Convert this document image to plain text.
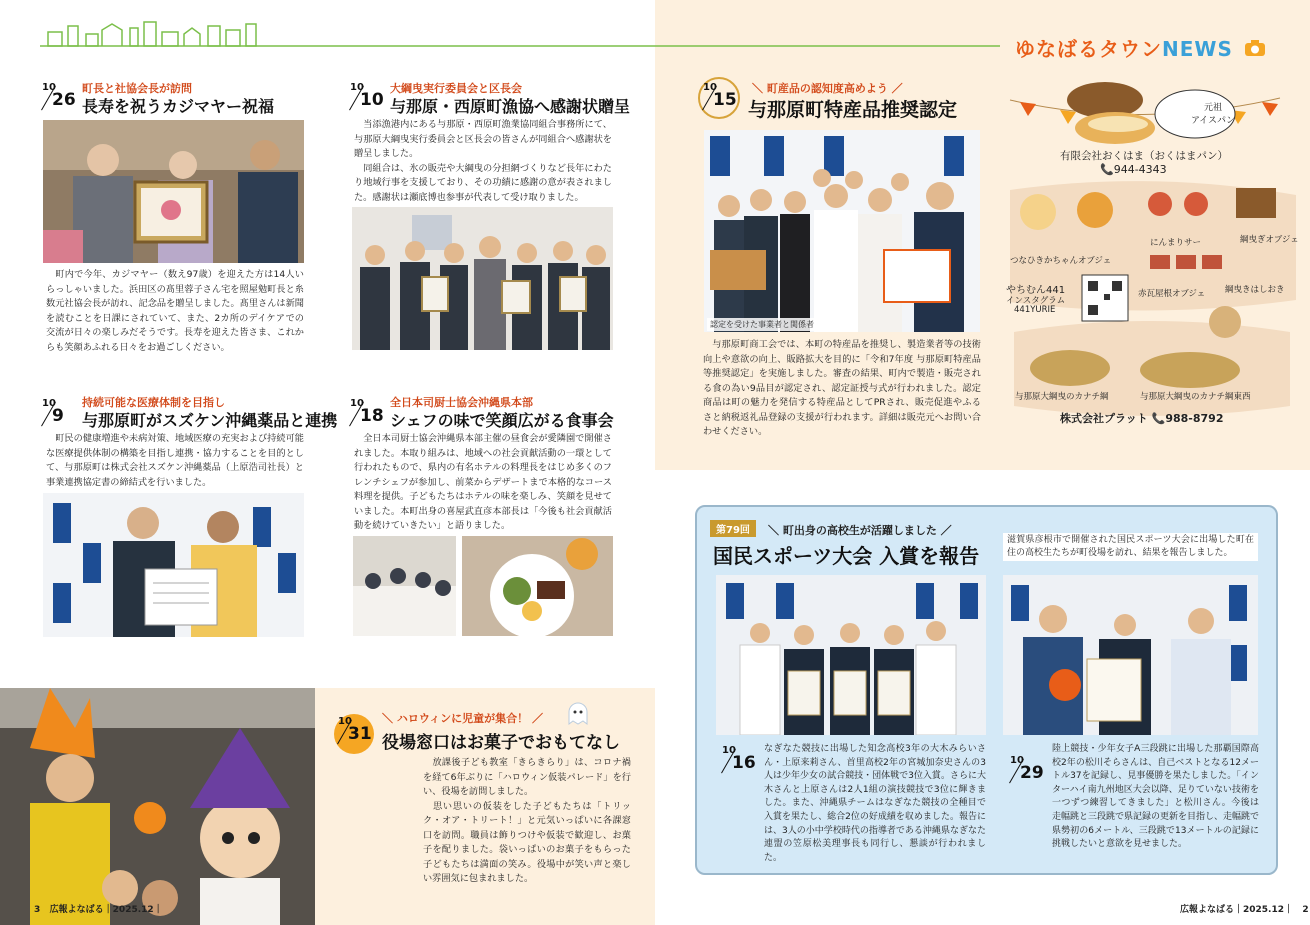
ゆなばるタウンNEWS
10
26
町長と社協会長が訪問
長寿を祝うカジマヤー祝福
　町内で今年、カジマヤー（数え97歳）を迎えた方は14人いらっしゃいました。浜田区の髙里蓉子さん宅を照屋勉町長と糸数元社協会長が訪れ、記念品を贈呈しました。髙里さんは新聞を読むことを日課にされていて、また、2カ所のデイケアでの交流が日々の楽しみだそうです。長寿を迎えた皆さま、これからも笑顔あふれる日々をお過ごしください。
10
10
大綱曳実行委員会と区長会
与那原・西原町漁協へ感謝状贈呈
　当添漁港内にある与那原・西原町漁業協同組合事務所にて、与那原大綱曳実行委員会と区長会の皆さんが同組合へ感謝状を贈呈しました。
　同組合は、氷の販売や大綱曳の分担網づくりなど長年にわたり地域行事を支援しており、その功績に感謝の意が表されました。感謝状は瀬底博也参事が代表して受け取りました。
10
9
持続可能な医療体制を目指し
与那原町がスズケン沖縄薬品と連携
　町民の健康増進や未病対策、地域医療の充実および持続可能な医療提供体制の構築を目指し連携・協力することを目的として、与那原町は株式会社スズケン沖縄薬品（上原浩司社長）と事業連携協定書の締結式を行いました。
10
18
全日本司厨士協会沖縄県本部
シェフの味で笑顔広がる食事会
　全日本司厨士協会沖縄県本部主催の昼食会が愛隣園で開催されました。本取り組みは、地域への社会貢献活動の一環として行われたもので、県内の有名ホテルの料理長をはじめ多くのフレンチシェフが参加し、前菜からデザートまで本格的なコース料理を提供。子どもたちはホテルの味を楽しみ、笑顔を見せていました。本町出身の喜屋武直彦本部長は「今後も社会貢献活動を続けていきたい」と語りました。
10
31
＼ ハロウィンに児童が集合！ ／
役場窓口はお菓子でおもてなし
　放課後子ども教室「きらきらり」は、コロナ禍を経て6年ぶりに「ハロウィン仮装パレード」を行い、役場を訪問しました。
　思い思いの仮装をした子どもたちは「トリック・オア・トリート！」と元気いっぱいに各課窓口を訪問。職員は飾りつけや仮装で歓迎し、お菓子を配りました。袋いっぱいのお菓子をもらった子どもたちは満面の笑み。役場中が笑い声と楽しい雰囲気に包まれました。
10
15
＼ 町産品の認知度高めよう ／
与那原町特産品推奨認定
認定を受けた事業者と関係者
　与那原町商工会では、本町の特産品を推奨し、製造業者等の技術向上や意欲の向上、販路拡大を目的に「令和7年度 与那原町特産品等推奨認定」を実施しました。審査の結果、町内で製造・販売される食の為い9品目が認定され、認定証授与式が行われました。認定商品は町の魅力を発信する特産品としてPRされ、販売促進やふるさと納税返礼品登録の支援が行われます。詳細は販売元へお問い合わせください。
元祖
アイスパン
有限会社おくはま（おくはまパン）
📞944-4343
つなひきかちゃんオブジェ
にんまりサー	綱曳ぎオブジェ
赤瓦屋根オブジェ 綱曳きはしおき
やちむん441
インスタグラム
441YURIE
与那原大綱曳のカナチ綱	与那原大綱曳のカナチ綱東西
株式会社プラット 📞988-8792
第79回	＼ 町出身の高校生が活躍しました ／
国民スポーツ大会 入賞を報告
滋賀県彦根市で開催された国民スポーツ大会に出場した町在住の高校生たちが町役場を訪れ、結果を報告しました。
10
16
なぎなた競技に出場した知念高校3年の大木みらいさん・上原来莉さん、首里高校2年の宮城加奈史さんの3人は少年少女の試合競技・団体戦で3位入賞。さらに大木さんと上原さんは2人1組の演技競技で3位に輝きました。また、沖縄県チームはなぎなた競技の全種目で入賞を果たし、総合2位の好成績を収めました。報告には、3人の小中学校時代の指導者である沖縄県なぎなた連盟の笠原松美理事長も同行し、懇談が行われました。
10
29
陸上競技・少年女子A三段跳に出場した那覇国際高校2年の松川そらさんは、自己ベストとなる12メートル37を記録し、見事優勝を果たしました。「インターハイ南九州地区大会以降、足りていない技術を一つずつ練習してきました」と松川さん。今後は走幅跳と三段跳で県記録の更新を目指し、走幅跳で県勢初の6メートル、三段跳で13メートルの記録に挑戦したいと意欲を見せました。
3 広報よなばる｜2025.12｜	広報よなばる｜2025.12｜ 2
